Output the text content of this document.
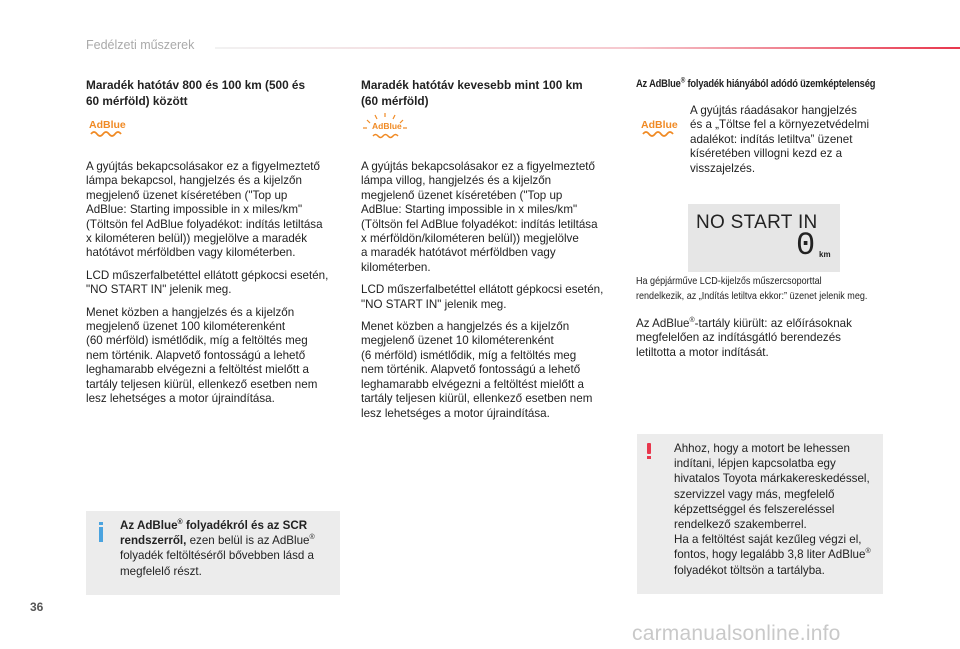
Fedélzeti műszerek
Maradék hatótáv 800 és 100 km (500 és
60 mérföld) között
AdBlue

A gyújtás bekapcsolásakor ez a figyelmeztető
lámpa bekapcsol, hangjelzés és a kijelzőn
megjelenő üzenet kíséretében ("Top up
AdBlue: Starting impossible in x miles/km"
(Töltsön fel AdBlue folyadékot: indítás letiltása
x kilométeren belül)) megjelölve a maradék
hatótávot mérföldben vagy kilométerben.

LCD műszerfalbetéttel ellátott gépkocsi esetén,
"NO START IN" jelenik meg.

Menet közben a hangjelzés és a kijelzőn
megjelenő üzenet 100 kilométerenként
(60 mérföld) ismétlődik, míg a feltöltés meg
nem történik. Alapvető fontosságú a lehető
leghamarabb elvégezni a feltöltést mielőtt a
tartály teljesen kiürül, ellenkező esetben nem
lesz lehetséges a motor újraindítása.

Maradék hatótáv kevesebb mint 100 km
(60 mérföld)
AdBlue

A gyújtás bekapcsolásakor ez a figyelmeztető
lámpa villog, hangjelzés és a kijelzőn
megjelenő üzenet kíséretében ("Top up
AdBlue: Starting impossible in x miles/km"
(Töltsön fel AdBlue folyadékot: indítás letiltása
x mérföldön/kilométeren belül)) megjelölve
a maradék hatótávot mérföldben vagy
kilométerben.

LCD műszerfalbetéttel ellátott gépkocsi esetén,
"NO START IN" jelenik meg.

Menet közben a hangjelzés és a kijelzőn
megjelenő üzenet 10 kilométerenként
(6 mérföld) ismétlődik, míg a feltöltés meg
nem történik. Alapvető fontosságú a lehető
leghamarabb elvégezni a feltöltést mielőtt a
tartály teljesen kiürül, ellenkező esetben nem
lesz lehetséges a motor újraindítása.

Az AdBlue® folyadék hiányából adódó üzemképtelenség
AdBlue

A gyújtás ráadásakor hangjelzés
és a „Töltse fel a környezetvédelmi
adalékot: indítás letiltva” üzenet
kíséretében villogni kezd ez a
visszajelzés.

NO START IN
0 km
Ha gépjárműve LCD-kijelzős műszercsoporttal
rendelkezik, az „Indítás letiltva ekkor:” üzenet jelenik meg.

Az AdBlue®-tartály kiürült: az előírásoknak
megfelelően az indításgátló berendezés
letiltotta a motor indítását.

Ahhoz, hogy a motort be lehessen
indítani, lépjen kapcsolatba egy
hivatalos Toyota márkakereskedéssel,
szervizzel vagy más, megfelelő
képzettséggel és felszereléssel
rendelkező szakemberrel.
Ha a feltöltést saját kezűleg végzi el,
fontos, hogy legalább 3,8 liter AdBlue®
folyadékot töltsön a tartályba.
Az AdBlue® folyadékról és az SCR
rendszerről, ezen belül is az AdBlue®
folyadék feltöltéséről bővebben lásd a
megfelelő részt.
36
carmanualsonline.info
